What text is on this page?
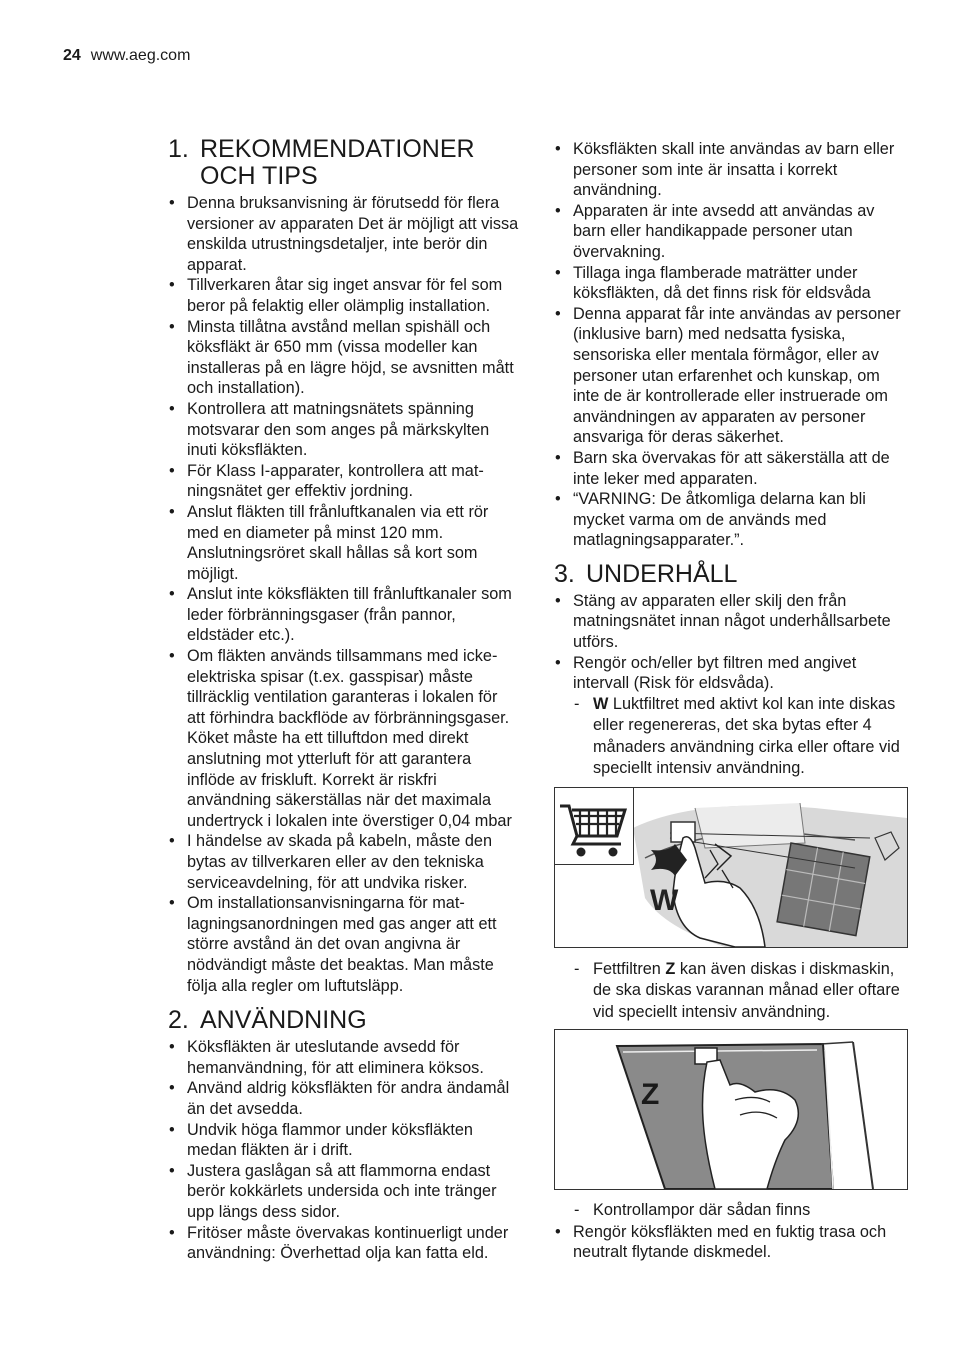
24 www.aeg.com
1. REKOMMENDATIONER OCH TIPS
• Denna bruksanvisning är förutsedd för flera versioner av apparaten Det är möjligt att vissa enskilda utrustningsdetaljer, inte berör din apparat.
• Tillverkaren åtar sig inget ansvar för fel som beror på felaktig eller olämplig installation.
• Minsta tillåtna avstånd mellan spishäll och köksfläkt är 650 mm (vissa modeller kan installeras på en lägre höjd, se avsnitten mått och installation).
• Kontrollera att matningsnätets spänning motsvarar den som anges på märkskylten inuti köksfläkten.
• För Klass I-apparater, kontrollera att matningsnätet ger effektiv jordning.
• Anslut fläkten till frånluftkanalen via ett rör med en diameter på minst 120 mm. Anslutningsröret skall hållas så kort som möjligt.
• Anslut inte köksfläkten till frånluftkanaler som leder förbränningsgaser (från pannor, eldstäder etc.).
• Om fläkten används tillsammans med icke-elektriska spisar (t.ex. gasspisar) måste tillräcklig ventilation garanteras i lokalen för att förhindra backflöde av förbränningsgaser. Köket måste ha ett tilluftdon med direkt anslutning mot ytterluft för att garantera inflöde av friskluft. Korrekt är riskfri användning säkerställas när det maximala undertryck i lokalen inte överstiger 0,04 mbar
• I händelse av skada på kabeln, måste den bytas av tillverkaren eller av den tekniska serviceavdelning, för att undvika risker.
• Om installationsanvisningarna för matlagningsanordningen med gas anger att ett större avstånd än det ovan angivna är nödvändigt måste det beaktas. Man måste följa alla regler om luftutsläpp.
2. ANVÄNDNING
• Köksfläkten är uteslutande avsedd för hemanvändning, för att eliminera köksos.
• Använd aldrig köksfläkten för andra ändamål än det avsedda.
• Undvik höga flammor under köksfläkten medan fläkten är i drift.
• Justera gaslågan så att flammorna endast berör kokkärlets undersida och inte tränger upp längs dess sidor.
• Fritöser måste övervakas kontinuerligt under användning: Överhettad olja kan fatta eld.
• Köksfläkten skall inte användas av barn eller personer som inte är insatta i korrekt användning.
• Apparaten är inte avsedd att användas av barn eller handikappade personer utan övervakning.
• Tillaga inga flamberade maträtter under köksfläkten, då det finns risk för eldsvåda
• Denna apparat får inte användas av personer (inklusive barn) med nedsatta fysiska, sensoriska eller mentala förmågor, eller av personer utan erfarenhet och kunskap, om inte de är kontrollerade eller instruerade om användningen av apparaten av personer ansvariga för deras säkerhet.
• Barn ska övervakas för att säkerställa att de inte leker med apparaten.
• “VARNING: De åtkomliga delarna kan bli mycket varma om de används med matlagningsapparater.”.
3. UNDERHÅLL
• Stäng av apparaten eller skilj den från matningsnätet innan något underhållsarbete utförs.
• Rengör och/eller byt filtren med angivet intervall (Risk för eldsvåda).
- W Luktfiltret med aktivt kol kan inte diskas eller regenereras, det ska bytas efter 4 månaders användning cirka eller oftare vid speciellt intensiv användning.
W
- Fettfiltren Z kan även diskas i diskmaskin, de ska diskas varannan månad eller oftare vid speciellt intensiv användning.
Z
- Kontrollampor där sådan finns
• Rengör köksfläkten med en fuktig trasa och neutralt flytande diskmedel.
